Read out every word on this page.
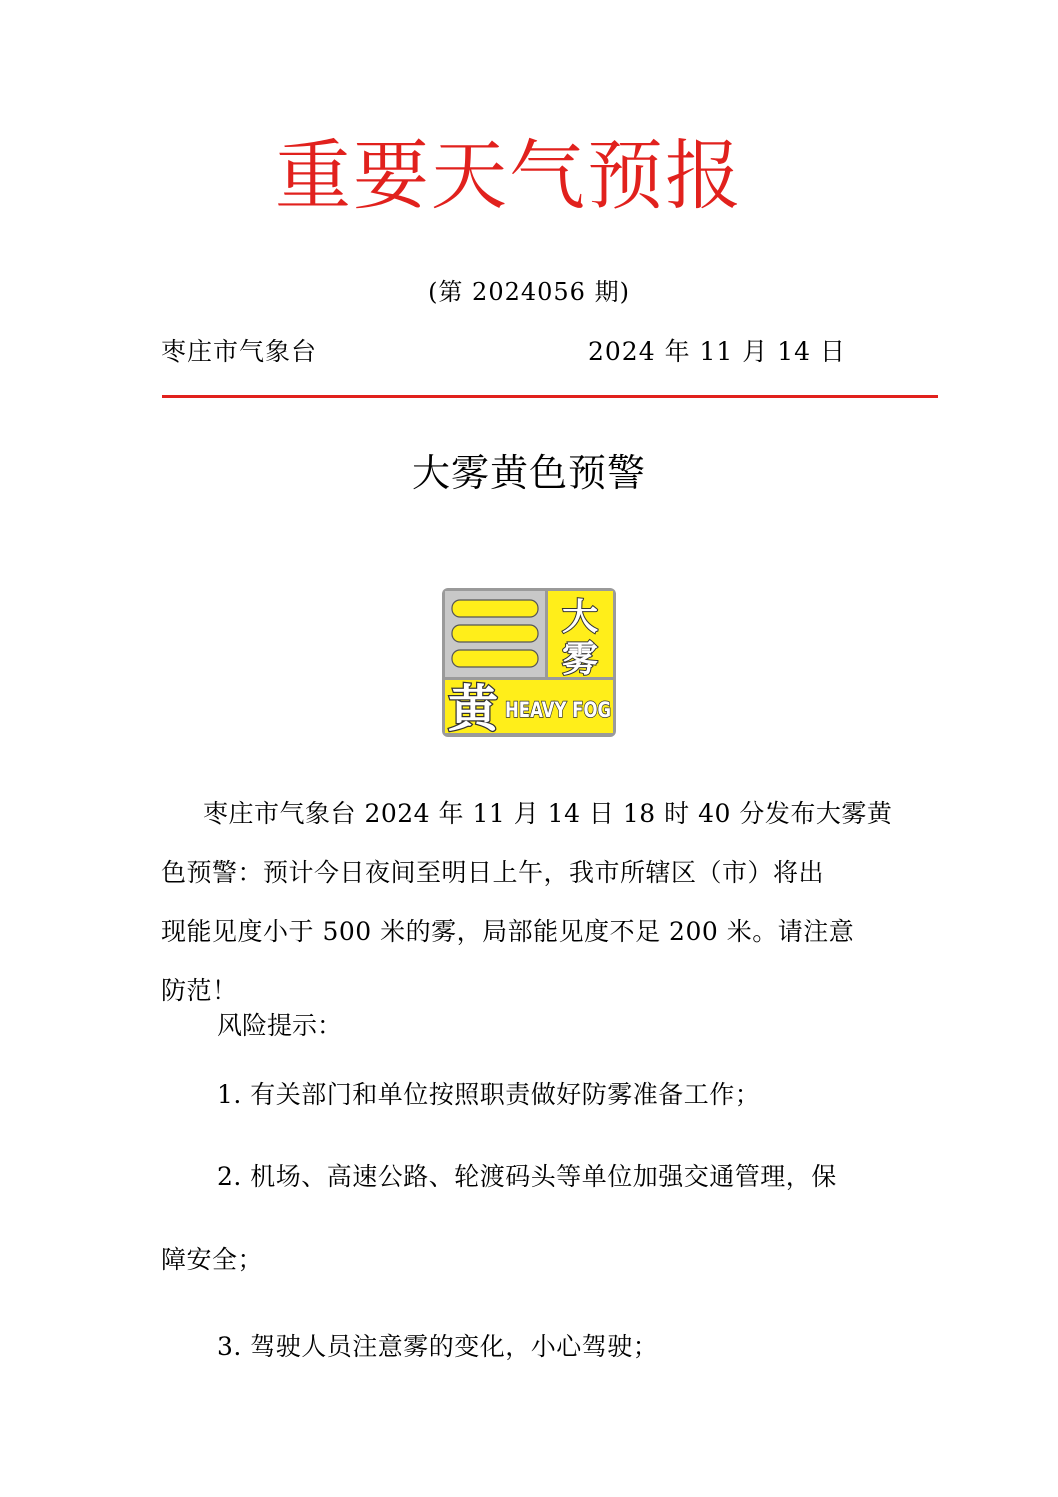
重要天气预报
(第 2024056 期)
枣庄市气象台	2024 年 11 月 14 日
大雾黄色预警
黄
大
雾
HEAVY FOG
枣庄市气象台 2024 年 11 月 14 日 18 时 40 分发布大雾黄
色预警：预计今日夜间至明日上午，我市所辖区（市）将出
现能见度小于 500 米的雾，局部能见度不足 200 米。请注意
防范！
风险提示：
1. 有关部门和单位按照职责做好防雾准备工作；
2. 机场、高速公路、轮渡码头等单位加强交通管理，保
障安全；
3. 驾驶人员注意雾的变化，小心驾驶；
